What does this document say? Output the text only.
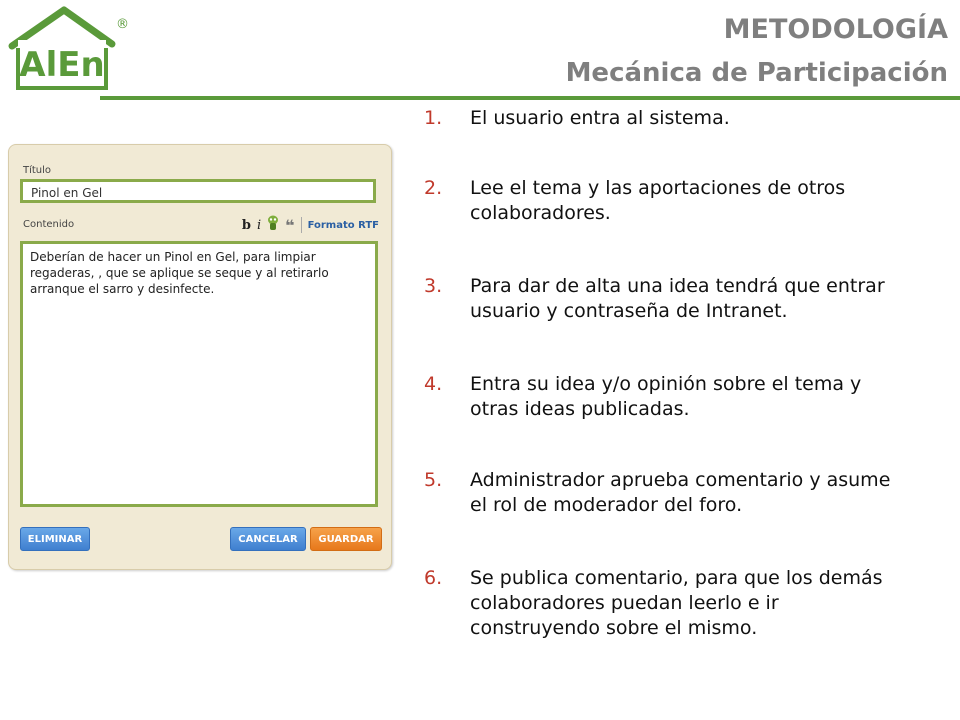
AlEn
®	METODOLOGÍA
Mecánica de Participación
Título
Pinol en Gel
Contenido	b i ❝ Formato RTF
Deberían de hacer un Pinol en Gel, para limpiar regaderas, , que se aplique se seque y al retirarlo arranque el sarro y desinfecte.
ELIMINAR	CANCELAR	GUARDAR
1.	El usuario entra al sistema.
2.	Lee el tema y las aportaciones de otros colaboradores.
3.	Para dar de alta una idea tendrá que entrar usuario y contraseña de Intranet.
4.	Entra su idea y/o opinión sobre el tema y otras ideas publicadas.
5.	Administrador aprueba comentario y asume el rol de moderador del foro.
6.	Se publica comentario, para que los demás colaboradores puedan leerlo e ir construyendo sobre el mismo.
